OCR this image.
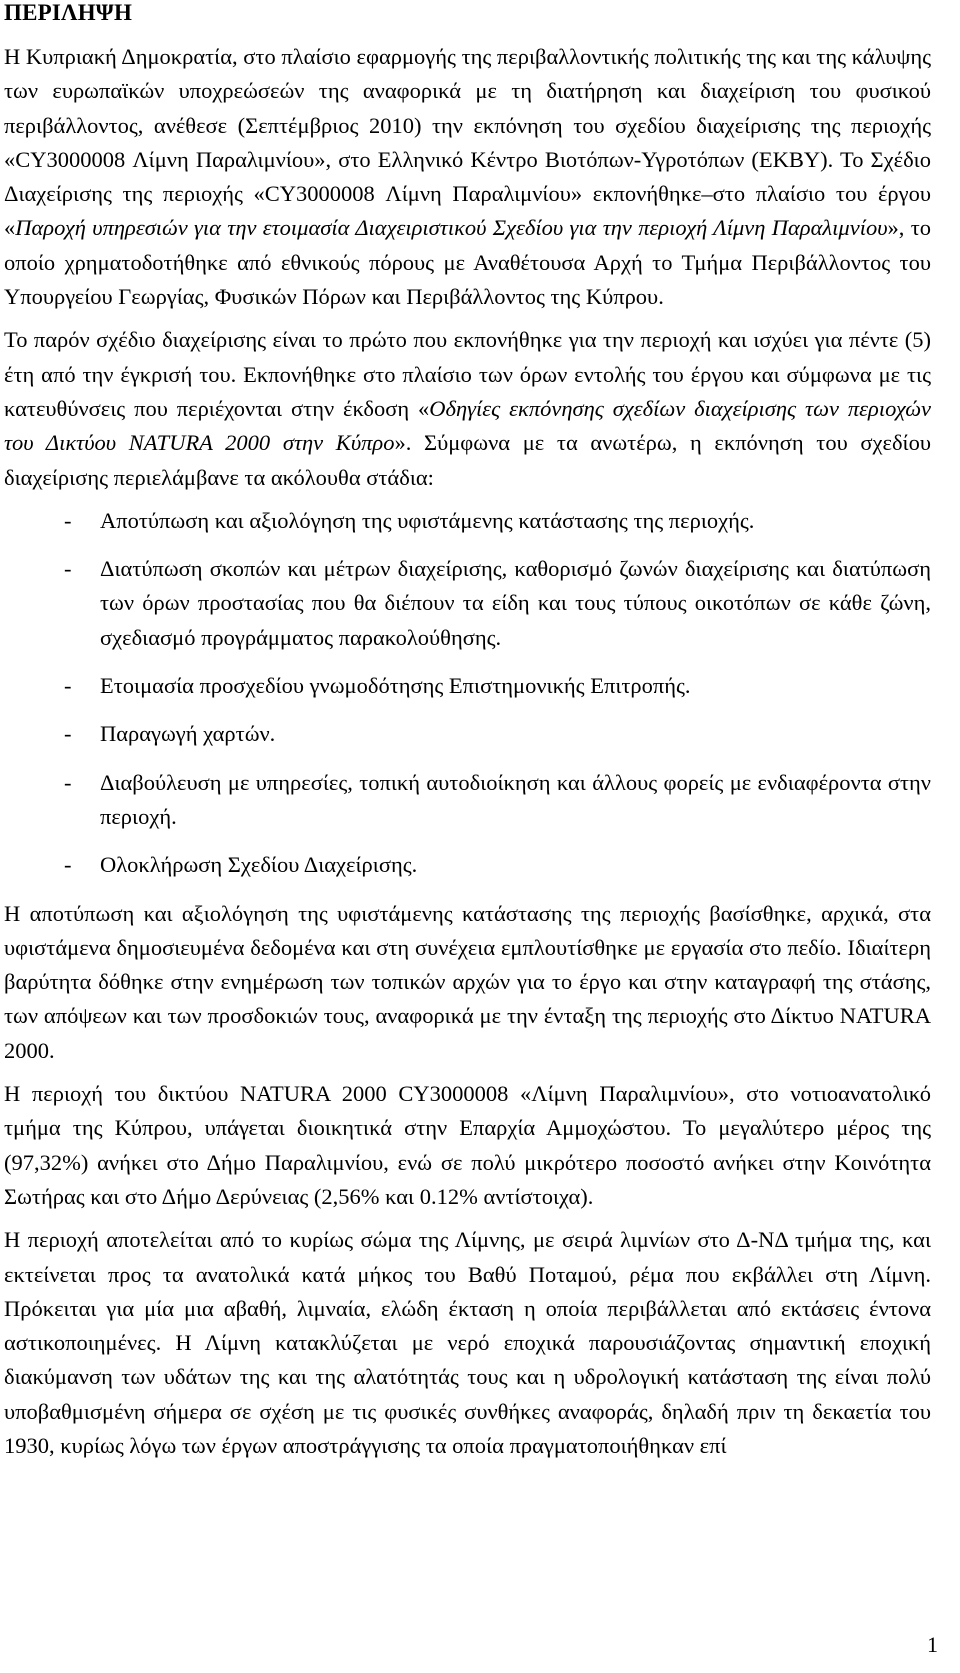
ΠΕΡΙΛΗΨΗ

Η Κυπριακή Δημοκρατία, στο πλαίσιο εφαρμογής της περιβαλλοντικής πολιτικής της και της κάλυψης των ευρωπαϊκών υποχρεώσεών της αναφορικά με τη διατήρηση και διαχείριση του φυσικού περιβάλλοντος, ανέθεσε (Σεπτέμβριος 2010) την εκπόνηση του σχεδίου διαχείρισης της περιοχής «CY3000008 Λίμνη Παραλιμνίου», στο Ελληνικό Κέντρο Βιοτόπων-Υγροτόπων (ΕΚΒΥ). Το Σχέδιο Διαχείρισης της περιοχής «CY3000008 Λίμνη Παραλιμνίου» εκπονήθηκε–στο πλαίσιο του έργου «Παροχή υπηρεσιών για την ετοιμασία Διαχειριστικού Σχεδίου για την περιοχή Λίμνη Παραλιμνίου», το οποίο χρηματοδοτήθηκε από εθνικούς πόρους με Αναθέτουσα Αρχή το Τμήμα Περιβάλλοντος του Υπουργείου Γεωργίας, Φυσικών Πόρων και Περιβάλλοντος της Κύπρου.

Το παρόν σχέδιο διαχείρισης είναι το πρώτο που εκπονήθηκε για την περιοχή και ισχύει για πέντε (5) έτη από την έγκρισή του. Εκπονήθηκε στο πλαίσιο των όρων εντολής του έργου και σύμφωνα με τις κατευθύνσεις που περιέχονται στην έκδοση «Οδηγίες εκπόνησης σχεδίων διαχείρισης των περιοχών του Δικτύου NATURA 2000 στην Κύπρο». Σύμφωνα με τα ανωτέρω, η εκπόνηση του σχεδίου διαχείρισης περιελάμβανε τα ακόλουθα στάδια:

- Αποτύπωση και αξιολόγηση της υφιστάμενης κατάστασης της περιοχής.
- Διατύπωση σκοπών και μέτρων διαχείρισης, καθορισμό ζωνών διαχείρισης και διατύπωση των όρων προστασίας που θα διέπουν τα είδη και τους τύπους οικοτόπων σε κάθε ζώνη, σχεδιασμό προγράμματος παρακολούθησης.
- Ετοιμασία προσχεδίου γνωμοδότησης Επιστημονικής Επιτροπής.
- Παραγωγή χαρτών.
- Διαβούλευση με υπηρεσίες, τοπική αυτοδιοίκηση και άλλους φορείς με ενδιαφέροντα στην περιοχή.
- Ολοκλήρωση Σχεδίου Διαχείρισης.

Η αποτύπωση και αξιολόγηση της υφιστάμενης κατάστασης της περιοχής βασίσθηκε, αρχικά, στα υφιστάμενα δημοσιευμένα δεδομένα και στη συνέχεια εμπλουτίσθηκε με εργασία στο πεδίο. Ιδιαίτερη βαρύτητα δόθηκε στην ενημέρωση των τοπικών αρχών για το έργο και στην καταγραφή της στάσης, των απόψεων και των προσδοκιών τους, αναφορικά με την ένταξη της περιοχής στο Δίκτυο NATURA 2000.

Η περιοχή του δικτύου NATURA 2000 CY3000008 «Λίμνη Παραλιμνίου», στο νοτιοανατολικό τμήμα της Κύπρου, υπάγεται διοικητικά στην Επαρχία Αμμοχώστου. Το μεγαλύτερο μέρος της (97,32%) ανήκει στο Δήμο Παραλιμνίου, ενώ σε πολύ μικρότερο ποσοστό ανήκει στην Κοινότητα Σωτήρας και στο Δήμο Δερύνειας (2,56% και 0.12% αντίστοιχα).

Η περιοχή αποτελείται από το κυρίως σώμα της Λίμνης, με σειρά λιμνίων στο Δ-ΝΔ τμήμα της, και εκτείνεται προς τα ανατολικά κατά μήκος του Βαθύ Ποταμού, ρέμα που εκβάλλει στη Λίμνη. Πρόκειται για μία μια αβαθή, λιμναία, ελώδη έκταση η οποία περιβάλλεται από εκτάσεις έντονα αστικοποιημένες. Η Λίμνη κατακλύζεται με νερό εποχικά παρουσιάζοντας σημαντική εποχική διακύμανση των υδάτων της και της αλατότητάς τους και η υδρολογική κατάσταση της είναι πολύ υποβαθμισμένη σήμερα σε σχέση με τις φυσικές συνθήκες αναφοράς, δηλαδή πριν τη δεκαετία του 1930, κυρίως λόγω των έργων αποστράγγισης τα οποία πραγματοποιήθηκαν επί

1
